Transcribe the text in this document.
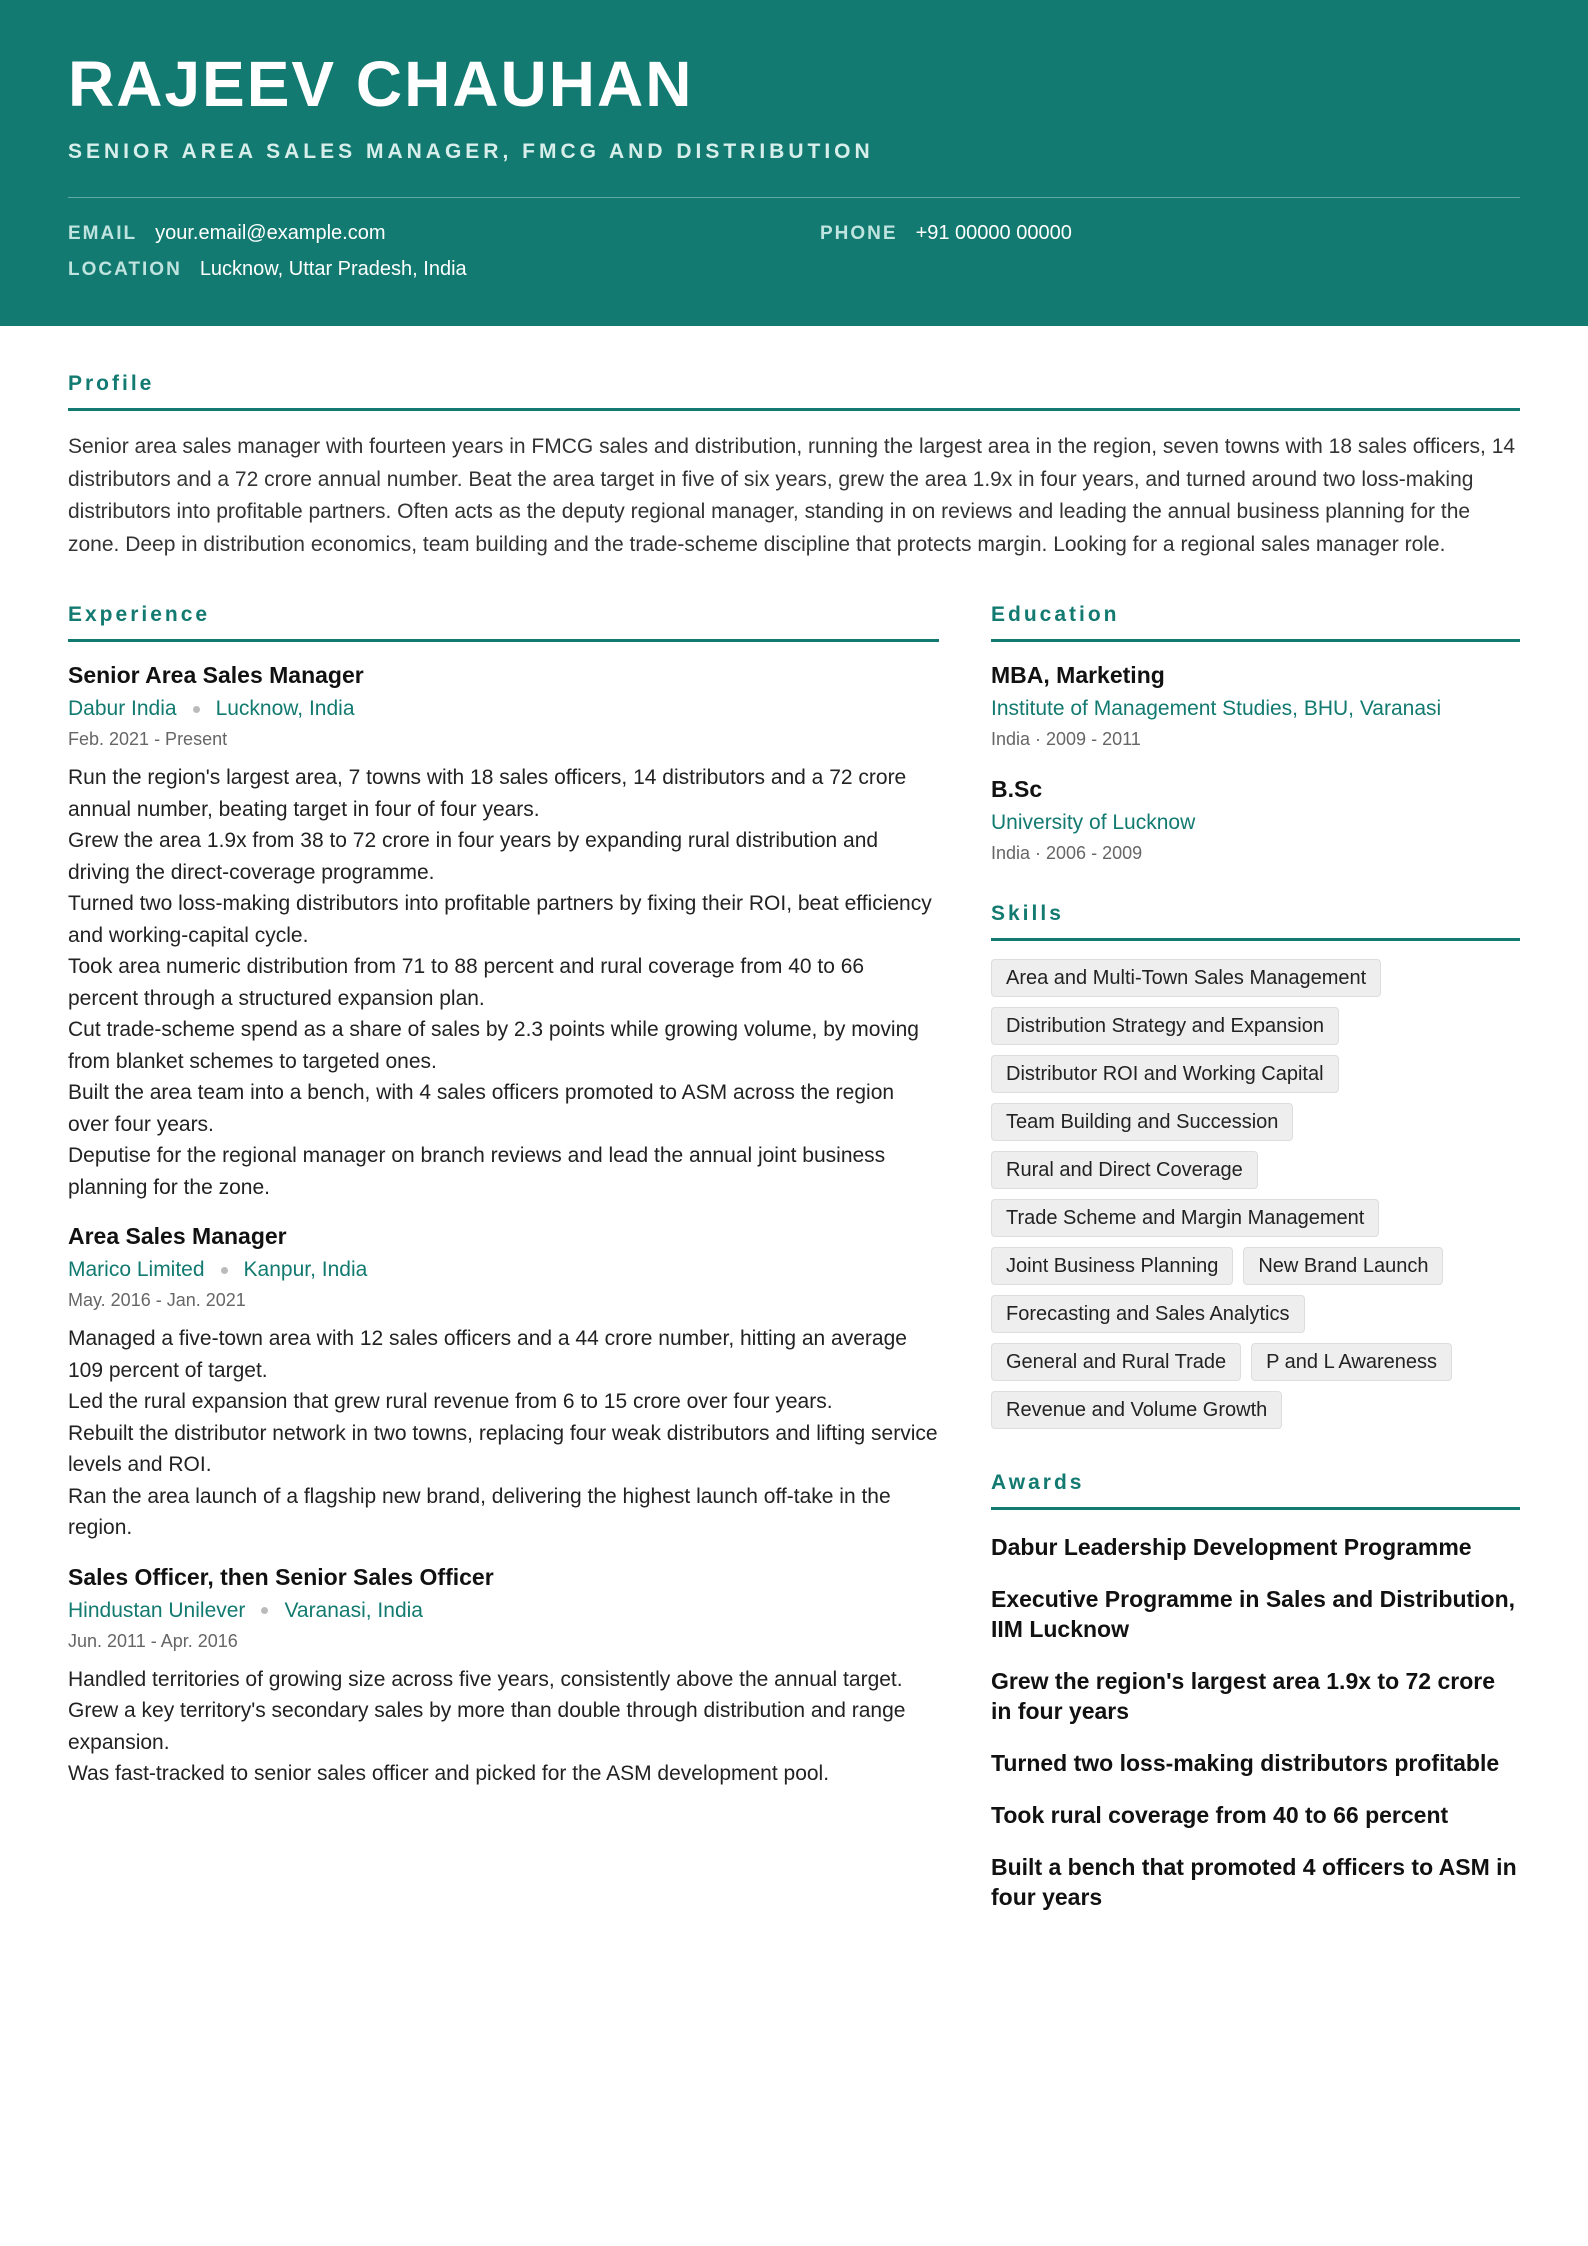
RAJEEV CHAUHAN
SENIOR AREA SALES MANAGER, FMCG AND DISTRIBUTION
EMAIL your.email@example.com	PHONE +91 00000 00000
LOCATION Lucknow, Uttar Pradesh, India
Profile

Senior area sales manager with fourteen years in FMCG sales and distribution, running the largest area in the region, seven towns with 18 sales officers, 14 distributors and a 72 crore annual number. Beat the area target in five of six years, grew the area 1.9x in four years, and turned around two loss-making distributors into profitable partners. Often acts as the deputy regional manager, standing in on reviews and leading the annual business planning for the zone. Deep in distribution economics, team building and the trade-scheme discipline that protects margin. Looking for a regional sales manager role.

Experience
Senior Area Sales Manager
Dabur India Lucknow, India
Feb. 2021 - Present
Run the region's largest area, 7 towns with 18 sales officers, 14 distributors and a 72 crore annual number, beating target in four of four years.
Grew the area 1.9x from 38 to 72 crore in four years by expanding rural distribution and driving the direct-coverage programme.
Turned two loss-making distributors into profitable partners by fixing their ROI, beat efficiency and working-capital cycle.
Took area numeric distribution from 71 to 88 percent and rural coverage from 40 to 66 percent through a structured expansion plan.
Cut trade-scheme spend as a share of sales by 2.3 points while growing volume, by moving from blanket schemes to targeted ones.
Built the area team into a bench, with 4 sales officers promoted to ASM across the region over four years.
Deputise for the regional manager on branch reviews and lead the annual joint business planning for the zone.
Area Sales Manager
Marico Limited Kanpur, India
May. 2016 - Jan. 2021
Managed a five-town area with 12 sales officers and a 44 crore number, hitting an average 109 percent of target.
Led the rural expansion that grew rural revenue from 6 to 15 crore over four years.
Rebuilt the distributor network in two towns, replacing four weak distributors and lifting service levels and ROI.
Ran the area launch of a flagship new brand, delivering the highest launch off-take in the region.
Sales Officer, then Senior Sales Officer
Hindustan Unilever Varanasi, India
Jun. 2011 - Apr. 2016
Handled territories of growing size across five years, consistently above the annual target.
Grew a key territory's secondary sales by more than double through distribution and range expansion.
Was fast-tracked to senior sales officer and picked for the ASM development pool.
Education
MBA, Marketing
Institute of Management Studies, BHU, Varanasi
India · 2009 - 2011
B.Sc
University of Lucknow
India · 2006 - 2009
Skills
Area and Multi-Town Sales Management
Distribution Strategy and Expansion
Distributor ROI and Working Capital
Team Building and Succession
Rural and Direct Coverage
Trade Scheme and Margin Management
Joint Business Planning	New Brand Launch
Forecasting and Sales Analytics
General and Rural Trade	P and L Awareness
Revenue and Volume Growth
Awards
Dabur Leadership Development Programme
Executive Programme in Sales and Distribution, IIM Lucknow
Grew the region's largest area 1.9x to 72 crore in four years
Turned two loss-making distributors profitable
Took rural coverage from 40 to 66 percent
Built a bench that promoted 4 officers to ASM in four years
